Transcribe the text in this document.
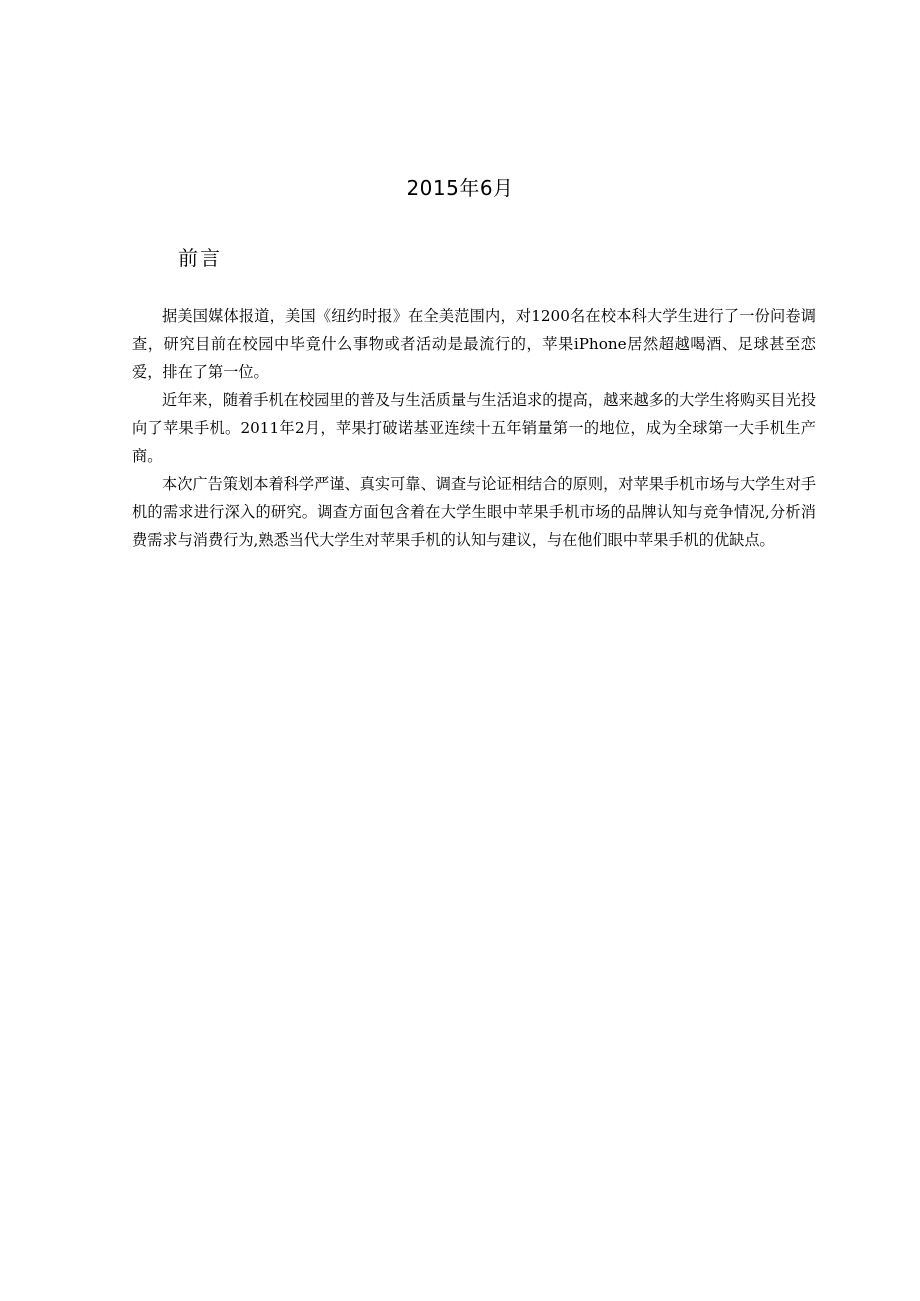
2015年6月
前言

据美国媒体报道，美国《纽约时报》在全美范围内，对1200名在校本科大学生进行了一份问卷调查，研究目前在校园中毕竟什么事物或者活动是最流行的，苹果iPhone居然超越喝酒、足球甚至恋爱，排在了第一位。

近年来，随着手机在校园里的普及与生活质量与生活追求的提高，越来越多的大学生将购买目光投向了苹果手机。2011年2月，苹果打破诺基亚连续十五年销量第一的地位，成为全球第一大手机生产商。

本次广告策划本着科学严谨、真实可靠、调查与论证相结合的原则，对苹果手机市场与大学生对手机的需求进行深入的研究。调查方面包含着在大学生眼中苹果手机市场的品牌认知与竞争情况,分析消费需求与消费行为,熟悉当代大学生对苹果手机的认知与建议，与在他们眼中苹果手机的优缺点。
